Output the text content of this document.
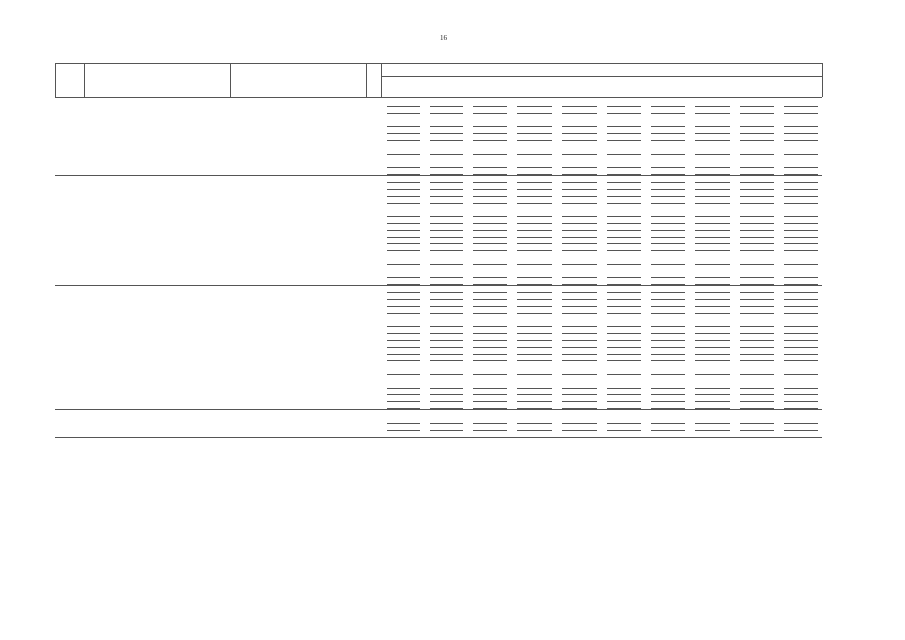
16
